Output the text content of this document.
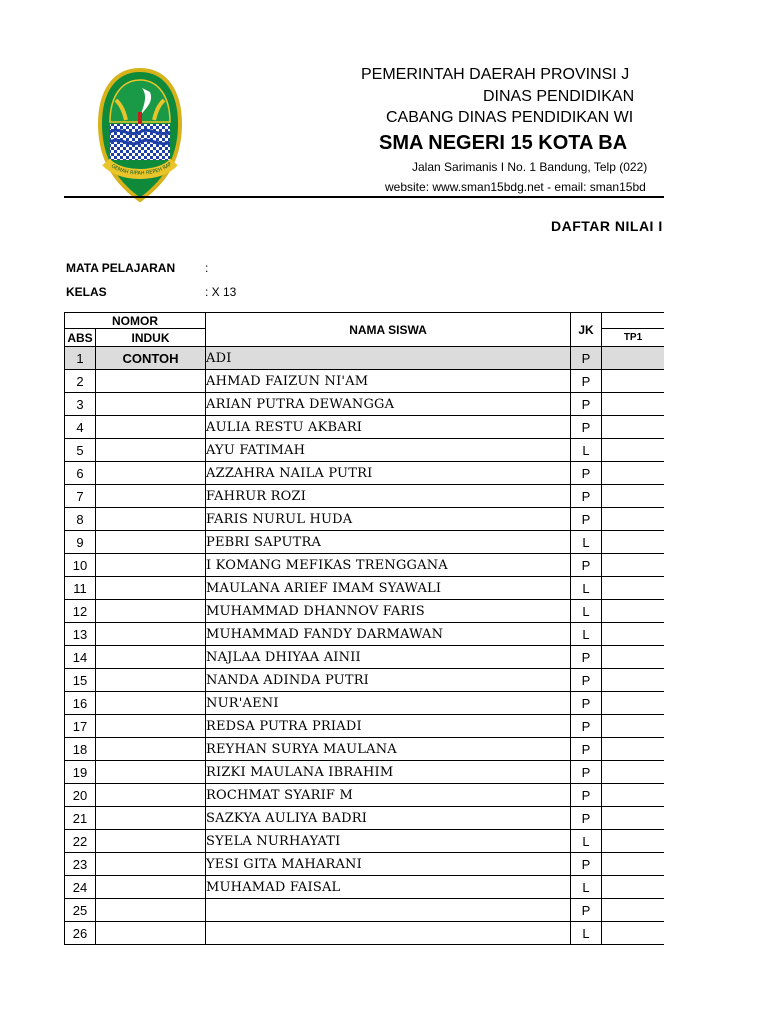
GEMAH RIPAH REPEH RAP
PEMERINTAH DAERAH PROVINSI J
DINAS PENDIDIKAN
CABANG DINAS PENDIDIKAN WI
SMA NEGERI 15 KOTA BA
Jalan Sarimanis I No. 1 Bandung, Telp (022)
website: www.sman15bdg.net - email: sman15bd
DAFTAR NILAI I
MATA PELAJARAN :
KELAS	: X 13
NOMOR		NAMA SISWA	JK		
ABS	INDUK			TP1	
1	CONTOH	ADI	P		
2		AHMAD FAIZUN NI'AM	P		
3		ARIAN PUTRA DEWANGGA	P		
4		AULIA RESTU AKBARI	P		
5		AYU FATIMAH	L		
6		AZZAHRA NAILA PUTRI	P		
7		FAHRUR ROZI	P		
8		FARIS NURUL HUDA	P		
9		PEBRI SAPUTRA	L		
10		I KOMANG MEFIKAS TRENGGANA	P		
11		MAULANA ARIEF IMAM SYAWALI	L		
12		MUHAMMAD DHANNOV FARIS	L		
13		MUHAMMAD FANDY DARMAWAN	L		
14		NAJLAA DHIYAA AINII	P		
15		NANDA ADINDA PUTRI	P		
16		NUR'AENI	P		
17		REDSA PUTRA PRIADI	P		
18		REYHAN SURYA MAULANA	P		
19		RIZKI MAULANA IBRAHIM	P		
20		ROCHMAT SYARIF M	P		
21		SAZKYA AULIYA BADRI	P		
22		SYELA NURHAYATI	L		
23		YESI GITA MAHARANI	P		
24		MUHAMAD FAISAL	L		
25			P		
26			L		
